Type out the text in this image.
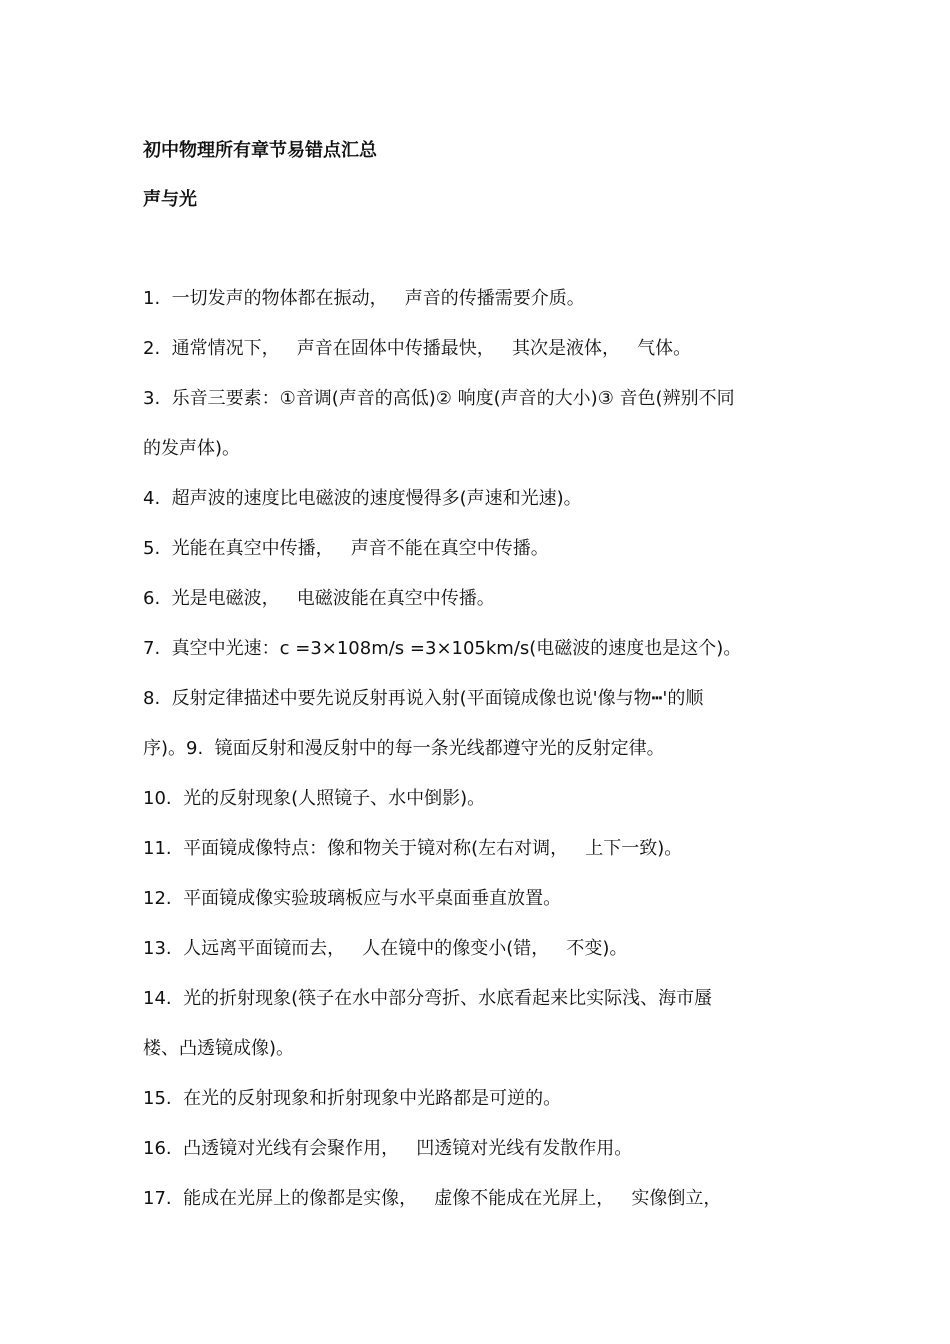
初中物理所有章节易错点汇总
声与光
1.  一切发声的物体都在振动，   声音的传播需要介质。
2.  通常情况下，   声音在固体中传播最快，   其次是液体，   气体。
3.  乐音三要素：①音调(声音的高低)② 响度(声音的大小)③ 音色(辨别不同
的发声体)。
4.  超声波的速度比电磁波的速度慢得多(声速和光速)。
5.  光能在真空中传播，   声音不能在真空中传播。
6.  光是电磁波，   电磁波能在真空中传播。
7.  真空中光速：c =3×108m/s =3×105km/s(电磁波的速度也是这个)。
8.  反射定律描述中要先说反射再说入射(平面镜成像也说'像与物┅'的顺
序)。9.  镜面反射和漫反射中的每一条光线都遵守光的反射定律。
10.  光的反射现象(人照镜子、水中倒影)。
11.  平面镜成像特点：像和物关于镜对称(左右对调，   上下一致)。
12.  平面镜成像实验玻璃板应与水平桌面垂直放置。
13.  人远离平面镜而去，   人在镜中的像变小(错，   不变)。
14.  光的折射现象(筷子在水中部分弯折、水底看起来比实际浅、海市蜃
楼、凸透镜成像)。
15.  在光的反射现象和折射现象中光路都是可逆的。
16.  凸透镜对光线有会聚作用，   凹透镜对光线有发散作用。
17.  能成在光屏上的像都是实像，   虚像不能成在光屏上，   实像倒立，
